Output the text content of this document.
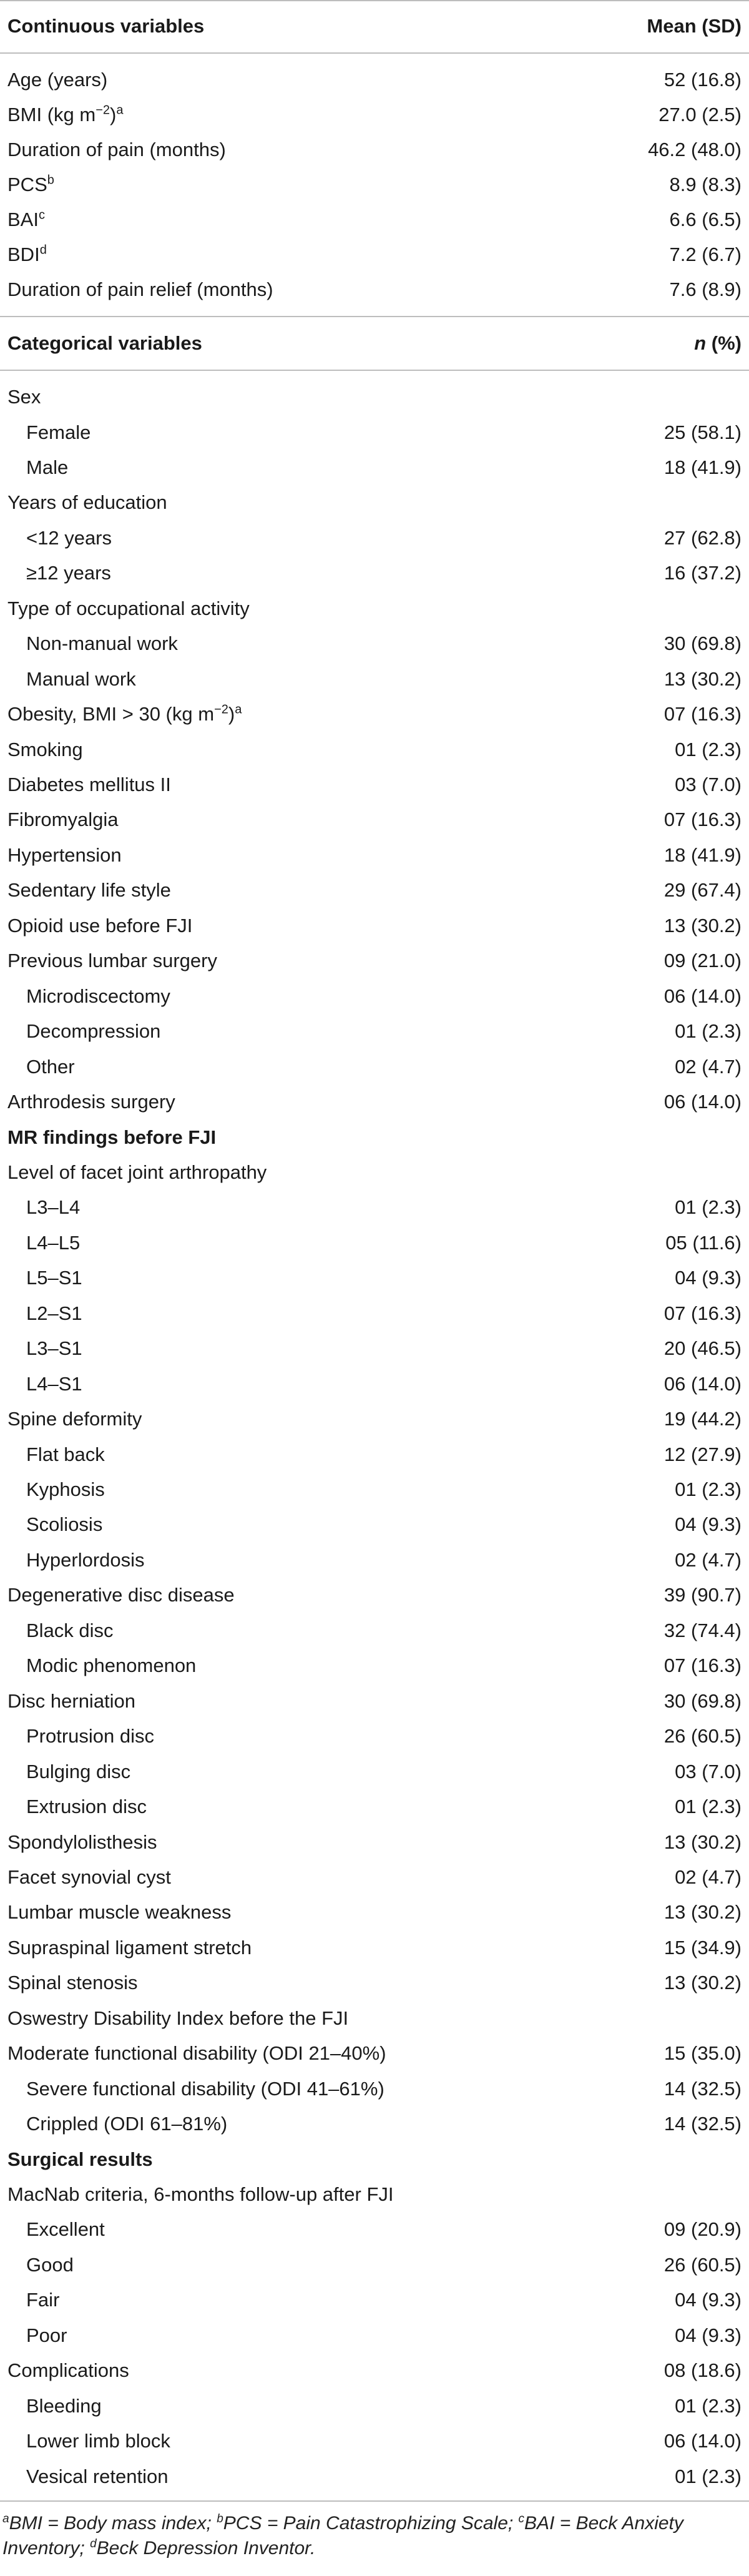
Continuous variables	Mean (SD)
Age (years)	52 (16.8)
BMI (kg $m^{-2})^a$	27.0 (2.5)
Duration of pain (months)	46.2 (48.0)
PCS$^b$	8.9 (8.3)
BAI$^c$	6.6 (6.5)
BDI$^d$	7.2 (6.7)
Duration of pain relief (months)	7.6 (8.9)
Categorical variables	n (%)
Sex
Female	25 (58.1)
Male	18 (41.9)
Years of education
<12 years	27 (62.8)
≥12 years	16 (37.2)
Type of occupational activity
Non-manual work	30 (69.8)
Manual work	13 (30.2)
Obesity, BMI > 30 (kg $m^{-2})^a$	07 (16.3)
Smoking	01 (2.3)
Diabetes mellitus II	03 (7.0)
Fibromyalgia	07 (16.3)
Hypertension	18 (41.9)
Sedentary life style	29 (67.4)
Opioid use before FJI	13 (30.2)
Previous lumbar surgery	09 (21.0)
Microdiscectomy	06 (14.0)
Decompression	01 (2.3)
Other	02 (4.7)
Arthrodesis surgery	06 (14.0)
MR findings before FJI
Level of facet joint arthropathy
L3–L4	01 (2.3)
L4–L5	05 (11.6)
L5–S1	04 (9.3)
L2–S1	07 (16.3)
L3–S1	20 (46.5)
L4–S1	06 (14.0)
Spine deformity	19 (44.2)
Flat back	12 (27.9)
Kyphosis	01 (2.3)
Scoliosis	04 (9.3)
Hyperlordosis	02 (4.7)
Degenerative disc disease	39 (90.7)
Black disc	32 (74.4)
Modic phenomenon	07 (16.3)
Disc herniation	30 (69.8)
Protrusion disc	26 (60.5)
Bulging disc	03 (7.0)
Extrusion disc	01 (2.3)
Spondylolisthesis	13 (30.2)
Facet synovial cyst	02 (4.7)
Lumbar muscle weakness	13 (30.2)
Supraspinal ligament stretch	15 (34.9)
Spinal stenosis	13 (30.2)
Oswestry Disability Index before the FJI
Moderate functional disability (ODI 21–40%)	15 (35.0)
Severe functional disability (ODI 41–61%)	14 (32.5)
Crippled (ODI 61–81%)	14 (32.5)
Surgical results
MacNab criteria, 6-months follow-up after FJI
Excellent	09 (20.9)
Good	26 (60.5)
Fair	04 (9.3)
Poor	04 (9.3)
Complications	08 (18.6)
Bleeding	01 (2.3)
Lower limb block	06 (14.0)
Vesical retention	01 (2.3)
$^a$BMI = Body mass index; $^b$PCS = Pain Catastrophizing Scale; $^c$BAI = Beck Anxiety Inventory; $^d$Beck Depression Inventor.
